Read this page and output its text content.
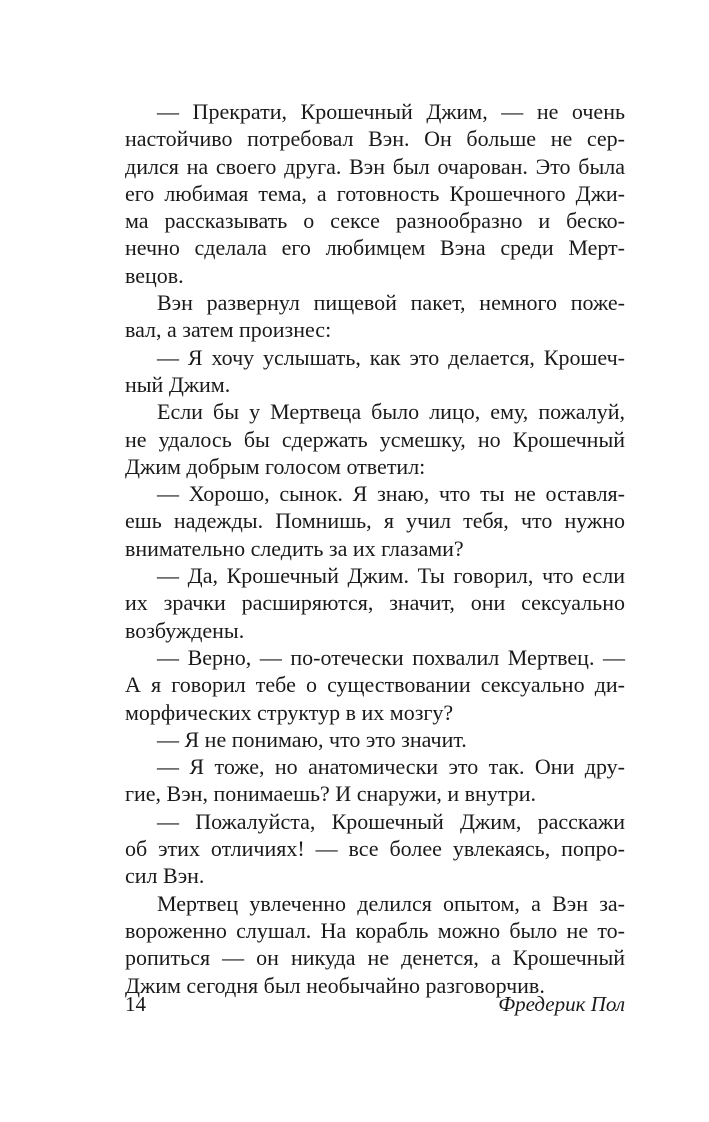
— Прекрати, Крошечный Джим, — не очень
настойчиво потребовал Вэн. Он больше не сер-
дился на своего друга. Вэн был очарован. Это была
его любимая тема, а готовность Крошечного Джи-
ма рассказывать о сексе разнообразно и беско-
нечно сделала его любимцем Вэна среди Мерт-
вецов.
Вэн развернул пищевой пакет, немного поже-
вал, а затем произнес:
— Я хочу услышать, как это делается, Крошеч-
ный Джим.
Если бы у Мертвеца было лицо, ему, пожалуй,
не удалось бы сдержать усмешку, но Крошечный
Джим добрым голосом ответил:
— Хорошо, сынок. Я знаю, что ты не оставля-
ешь надежды. Помнишь, я учил тебя, что нужно
внимательно следить за их глазами?
— Да, Крошечный Джим. Ты говорил, что если
их зрачки расширяются, значит, они сексуально
возбуждены.
— Верно, — по-отечески похвалил Мертвец. —
А я говорил тебе о существовании сексуально ди-
морфических структур в их мозгу?
— Я не понимаю, что это значит.
— Я тоже, но анатомически это так. Они дру-
гие, Вэн, понимаешь? И снаружи, и внутри.
— Пожалуйста, Крошечный Джим, расскажи
об этих отличиях! — все более увлекаясь, попро-
сил Вэн.
Мертвец увлеченно делился опытом, а Вэн за-
вороженно слушал. На корабль можно было не то-
ропиться — он никуда не денется, а Крошечный
Джим сегодня был необычайно разговорчив.
14	Фредерик Пол
